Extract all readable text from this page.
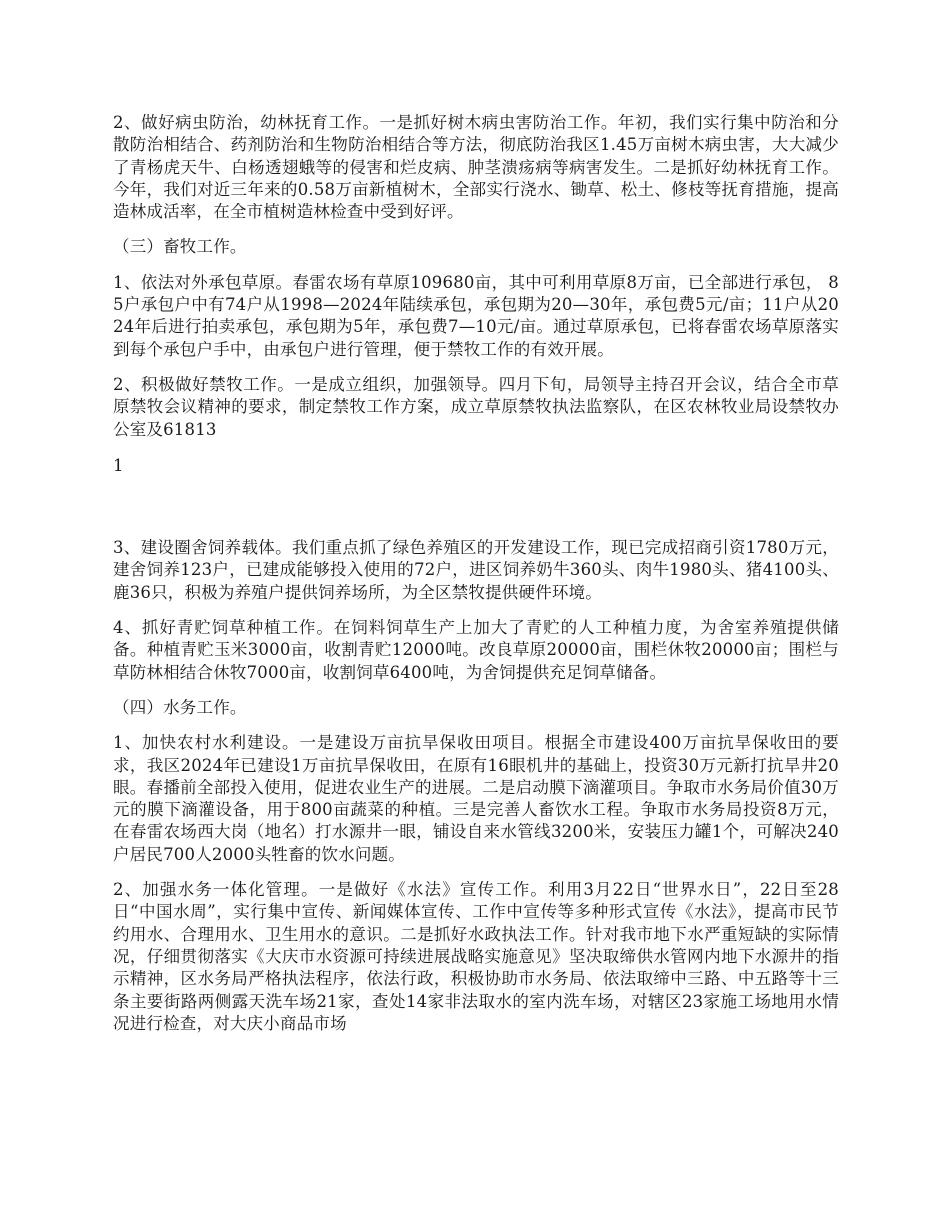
2、做好病虫防治，幼林抚育工作。一是抓好树木病虫害防治工作。年初，我们实行集中防治和分散防治相结合、药剂防治和生物防治相结合等方法，彻底防治我区1.45万亩树木病虫害，大大减少了青杨虎天牛、白杨透翅蛾等的侵害和烂皮病、肿茎溃疡病等病害发生。二是抓好幼林抚育工作。今年，我们对近三年来的0.58万亩新植树木，全部实行浇水、锄草、松土、修枝等抚育措施，提高造林成活率，在全市植树造林检查中受到好评。

（三）畜牧工作。

1、依法对外承包草原。春雷农场有草原109680亩，其中可利用草原8万亩，已全部进行承包， 85户承包户中有74户从1998—2024年陆续承包，承包期为20—30年，承包费5元/亩；11户从2024年后进行拍卖承包，承包期为5年，承包费7—10元/亩。通过草原承包，已将春雷农场草原落实到每个承包户手中，由承包户进行管理，便于禁牧工作的有效开展。

2、积极做好禁牧工作。一是成立组织，加强领导。四月下旬，局领导主持召开会议，结合全市草原禁牧会议精神的要求，制定禁牧工作方案，成立草原禁牧执法监察队，在区农林牧业局设禁牧办公室及61813

1

3、建设圈舍饲养载体。我们重点抓了绿色养殖区的开发建设工作，现已完成招商引资1780万元，建舍饲养123户，已建成能够投入使用的72户，进区饲养奶牛360头、肉牛1980头、猪4100头、鹿36只，积极为养殖户提供饲养场所，为全区禁牧提供硬件环境。

4、抓好青贮饲草种植工作。在饲料饲草生产上加大了青贮的人工种植力度，为舍室养殖提供储备。种植青贮玉米3000亩，收割青贮12000吨。改良草原20000亩，围栏休牧20000亩；围栏与草防林相结合休牧7000亩，收割饲草6400吨，为舍饲提供充足饲草储备。

（四）水务工作。

1、加快农村水利建设。一是建设万亩抗旱保收田项目。根据全市建设400万亩抗旱保收田的要求，我区2024年已建设1万亩抗旱保收田，在原有16眼机井的基础上，投资30万元新打抗旱井20眼。春播前全部投入使用，促进农业生产的进展。二是启动膜下滴灌项目。争取市水务局价值30万元的膜下滴灌设备，用于800亩蔬菜的种植。三是完善人畜饮水工程。争取市水务局投资8万元，在春雷农场西大岗（地名）打水源井一眼，铺设自来水管线3200米，安装压力罐1个，可解决240户居民700人2000头牲畜的饮水问题。

2、加强水务一体化管理。一是做好《水法》宣传工作。利用3月22日“世界水日”，22日至28日“中国水周”，实行集中宣传、新闻媒体宣传、工作中宣传等多种形式宣传《水法》，提高市民节约用水、合理用水、卫生用水的意识。二是抓好水政执法工作。针对我市地下水严重短缺的实际情况，仔细贯彻落实《大庆市水资源可持续进展战略实施意见》坚决取缔供水管网内地下水源井的指示精神，区水务局严格执法程序，依法行政，积极协助市水务局、依法取缔中三路、中五路等十三条主要街路两侧露天洗车场21家，查处14家非法取水的室内洗车场，对辖区23家施工场地用水情况进行检查，对大庆小商品市场
